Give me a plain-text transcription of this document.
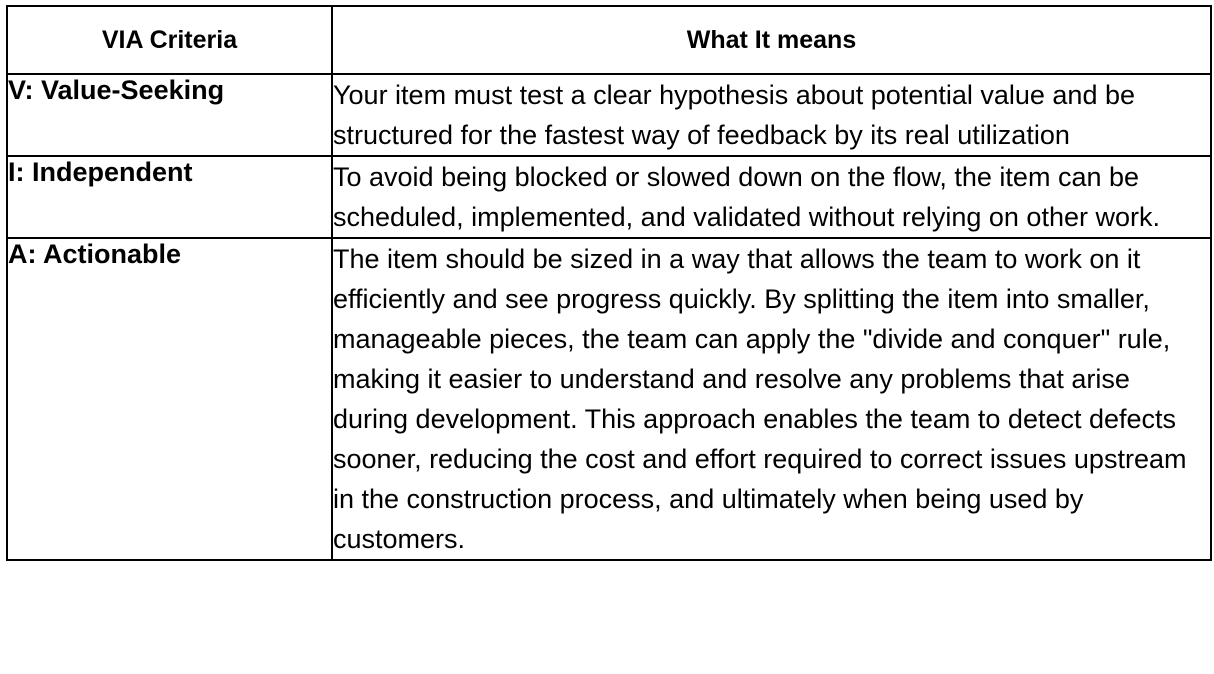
VIA Criteria	What It means
V: Value-Seeking	Your item must test a clear hypothesis about potential value and be structured for the fastest way of feedback by its real utilization
I: Independent	To avoid being blocked or slowed down on the flow, the item can be scheduled, implemented, and validated without relying on other work.
A: Actionable	The item should be sized in a way that allows the team to work on it efficiently and see progress quickly. By splitting the item into smaller, manageable pieces, the team can apply the "divide and conquer" rule, making it easier to understand and resolve any problems that arise during development. This approach enables the team to detect defects sooner, reducing the cost and effort required to correct issues upstream in the construction process, and ultimately when being used by customers.
